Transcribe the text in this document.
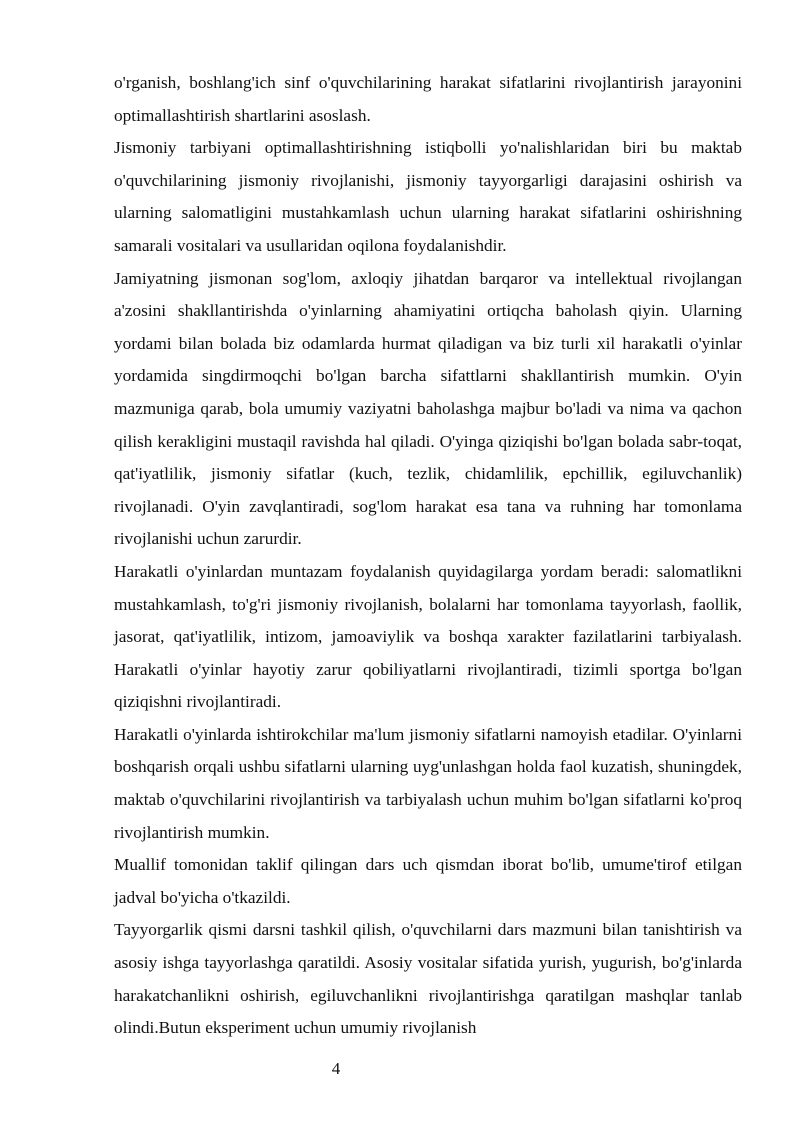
o'rganish, boshlang'ich sinf o'quvchilarining harakat sifatlarini rivojlantirish jarayonini optimallashtirish shartlarini asoslash.

Jismoniy tarbiyani optimallashtirishning istiqbolli yo'nalishlaridan biri bu maktab o'quvchilarining jismoniy rivojlanishi, jismoniy tayyorgarligi darajasini oshirish va ularning salomatligini mustahkamlash uchun ularning harakat sifatlarini oshirishning samarali vositalari va usullaridan oqilona foydalanishdir.

Jamiyatning jismonan sog'lom, axloqiy jihatdan barqaror va intellektual rivojlangan a'zosini shakllantirishda o'yinlarning ahamiyatini ortiqcha baholash qiyin. Ularning yordami bilan bolada biz odamlarda hurmat qiladigan va biz turli xil harakatli o'yinlar yordamida singdirmoqchi bo'lgan barcha sifattlarni shakllantirish mumkin. O'yin mazmuniga qarab, bola umumiy vaziyatni baholashga majbur bo'ladi va nima va qachon qilish kerakligini mustaqil ravishda hal qiladi. O'yinga qiziqishi bo'lgan bolada sabr-toqat, qat'iyatlilik, jismoniy sifatlar (kuch, tezlik, chidamlilik, epchillik, egiluvchanlik) rivojlanadi. O'yin zavqlantiradi, sog'lom harakat esa tana va ruhning har tomonlama rivojlanishi uchun zarurdir.

Harakatli o'yinlardan muntazam foydalanish quyidagilarga yordam beradi: salomatlikni mustahkamlash, to'g'ri jismoniy rivojlanish, bolalarni har tomonlama tayyorlash, faollik, jasorat, qat'iyatlilik, intizom, jamoaviylik va boshqa xarakter fazilatlarini tarbiyalash. Harakatli o'yinlar hayotiy zarur qobiliyatlarni rivojlantiradi, tizimli sportga bo'lgan qiziqishni rivojlantiradi.

Harakatli o'yinlarda ishtirokchilar ma'lum jismoniy sifatlarni namoyish etadilar. O'yinlarni boshqarish orqali ushbu sifatlarni ularning uyg'unlashgan holda faol kuzatish, shuningdek, maktab o'quvchilarini rivojlantirish va tarbiyalash uchun muhim bo'lgan sifatlarni ko'proq rivojlantirish mumkin.

Muallif tomonidan taklif qilingan dars uch qismdan iborat bo'lib, umume'tirof etilgan jadval bo'yicha o'tkazildi.

Tayyorgarlik qismi darsni tashkil qilish, o'quvchilarni dars mazmuni bilan tanishtirish va asosiy ishga tayyorlashga qaratildi. Asosiy vositalar sifatida yurish, yugurish, bo'g'inlarda harakatchanlikni oshirish, egiluvchanlikni rivojlantirishga qaratilgan mashqlar tanlab olindi.Butun eksperiment uchun umumiy rivojlanish

4
